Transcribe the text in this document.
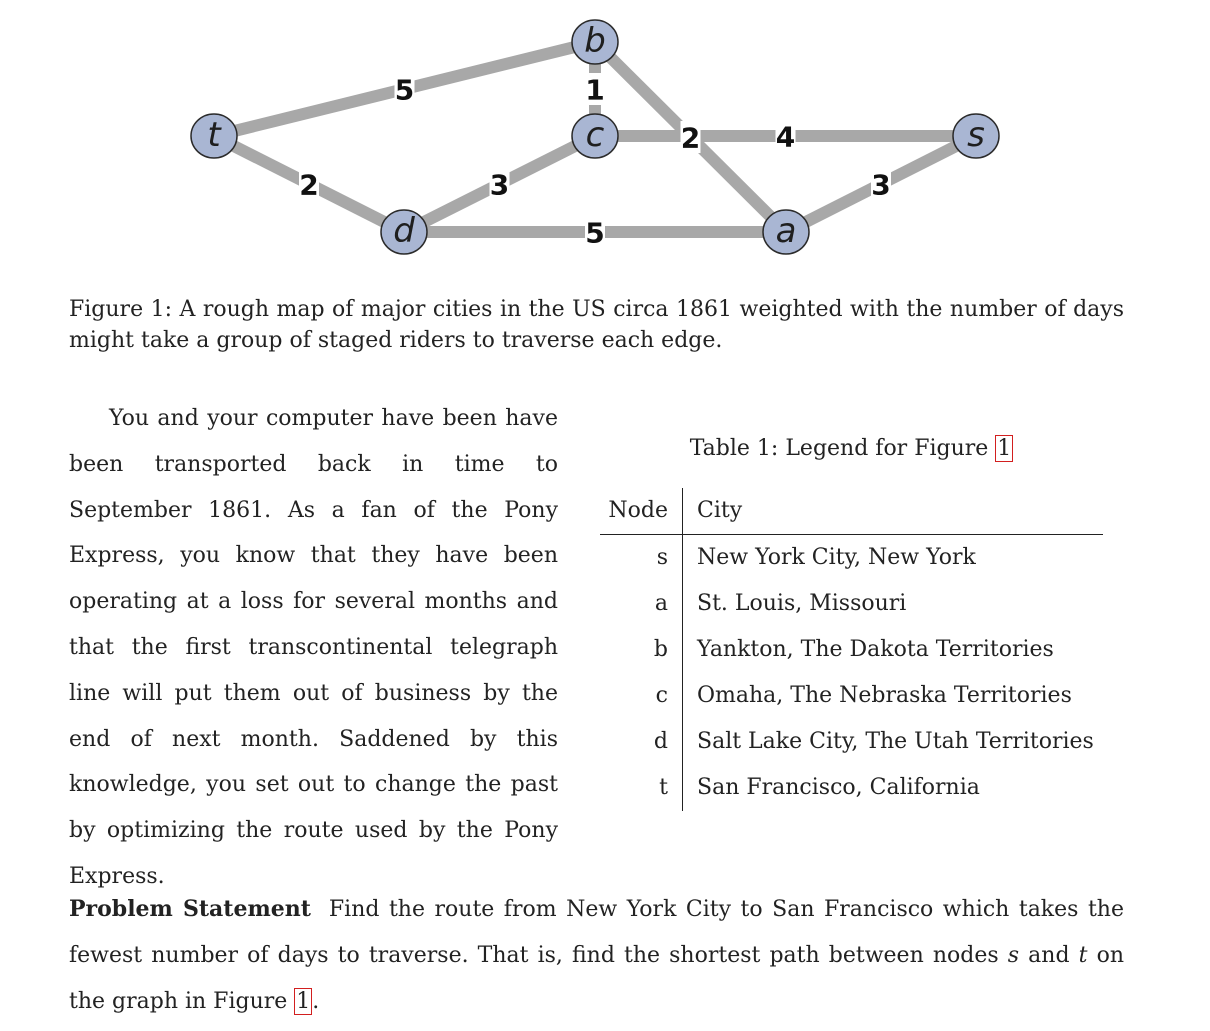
5
2
1
2	4
3
5
3
t
b
c
d	a
s
Figure 1: A rough map of major cities in the US circa 1861 weighted with the number of days might take a group of staged riders to traverse each edge.

You and your computer have been have been transported back in time to September 1861. As a fan of the Pony Express, you know that they have been operating at a loss for several months and that the first transcontinental telegraph line will put them out of business by the end of next month. Saddened by this knowledge, you set out to change the past by optimizing the route used by the Pony Express.

Table 1: Legend for Figure 1
Node	City
s	New York City, New York
a	St. Louis, Missouri
b	Yankton, The Dakota Territories
c	Omaha, The Nebraska Territories
d	Salt Lake City, The Utah Territories
t	San Francisco, California

Problem Statement Find the route from New York City to San Francisco which takes the fewest number of days to traverse. That is, find the shortest path between nodes s and t on the graph in Figure 1.
